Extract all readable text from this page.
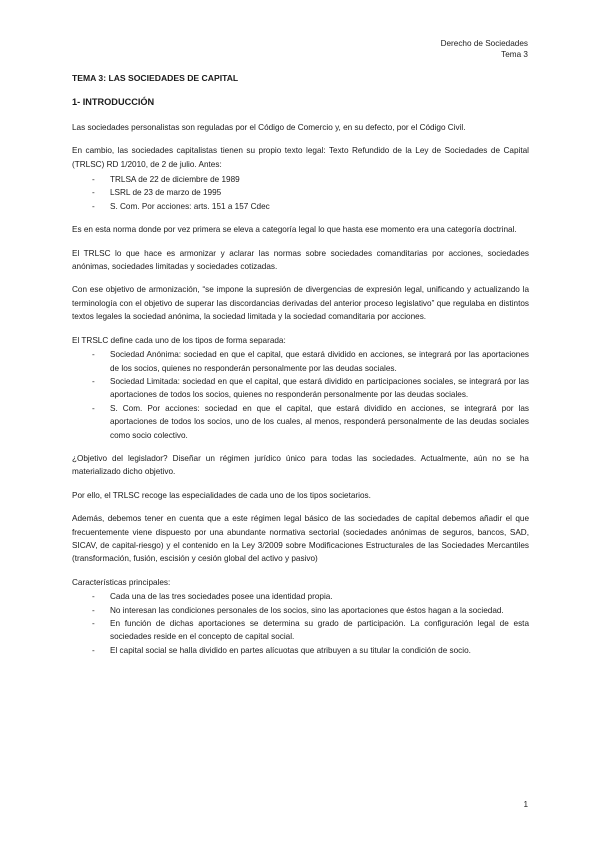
Derecho de Sociedades
Tema 3
TEMA 3: LAS SOCIEDADES DE CAPITAL
1- INTRODUCCIÓN

Las sociedades personalistas son reguladas por el Código de Comercio y, en su defecto, por el Código Civil.

En cambio, las sociedades capitalistas tienen su propio texto legal: Texto Refundido de la Ley de Sociedades de Capital (TRLSC) RD 1/2010, de 2 de julio. Antes:

- TRLSA de 22 de diciembre de 1989
- LSRL de 23 de marzo de 1995
- S. Com. Por acciones: arts. 151 a 157 Cdec

Es en esta norma donde por vez primera se eleva a categoría legal lo que hasta ese momento era una categoría doctrinal.

El TRLSC lo que hace es armonizar y aclarar las normas sobre sociedades comanditarias por acciones, sociedades anónimas, sociedades limitadas y sociedades cotizadas.

Con ese objetivo de armonización, “se impone la supresión de divergencias de expresión legal, unificando y actualizando la terminología con el objetivo de superar las discordancias derivadas del anterior proceso legislativo” que regulaba en distintos textos legales la sociedad anónima, la sociedad limitada y la sociedad comanditaria por acciones.

El TRSLC define cada uno de los tipos de forma separada:

- Sociedad Anónima: sociedad en que el capital, que estará dividido en acciones, se integrará por las aportaciones de los socios, quienes no responderán personalmente por las deudas sociales.
- Sociedad Limitada: sociedad en que el capital, que estará dividido en participaciones sociales, se integrará por las aportaciones de todos los socios, quienes no responderán personalmente por las deudas sociales.
- S. Com. Por acciones: sociedad en que el capital, que estará dividido en acciones, se integrará por las aportaciones de todos los socios, uno de los cuales, al menos, responderá personalmente de las deudas sociales como socio colectivo.

¿Objetivo del legislador? Diseñar un régimen jurídico único para todas las sociedades. Actualmente, aún no se ha materializado dicho objetivo.

Por ello, el TRLSC recoge las especialidades de cada uno de los tipos societarios.

Además, debemos tener en cuenta que a este régimen legal básico de las sociedades de capital debemos añadir el que frecuentemente viene dispuesto por una abundante normativa sectorial (sociedades anónimas de seguros, bancos, SAD, SICAV, de capital-riesgo) y el contenido en la Ley 3/2009 sobre Modificaciones Estructurales de las Sociedades Mercantiles (transformación, fusión, escisión y cesión global del activo y pasivo)

Características principales:

- Cada una de las tres sociedades posee una identidad propia.
- No interesan las condiciones personales de los socios, sino las aportaciones que éstos hagan a la sociedad.
- En función de dichas aportaciones se determina su grado de participación. La configuración legal de esta sociedades reside en el concepto de capital social.
- El capital social se halla dividido en partes alícuotas que atribuyen a su titular la condición de socio.
1
